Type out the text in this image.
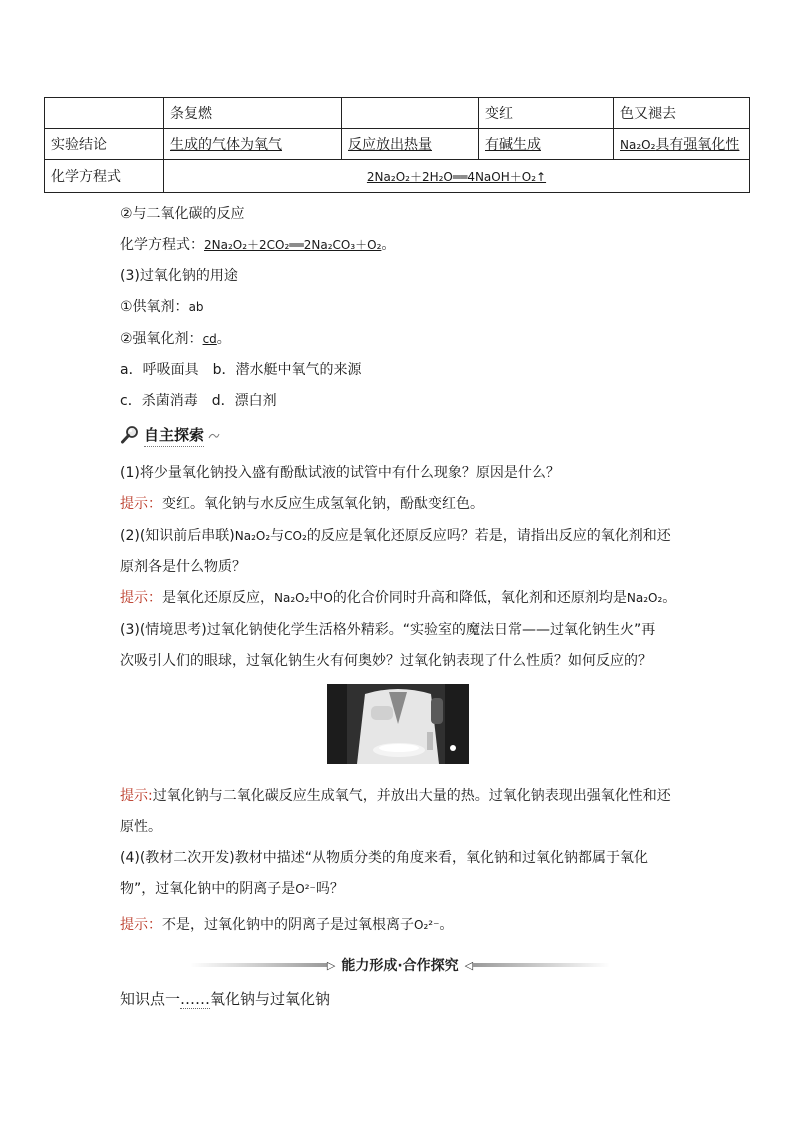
	条复燃		变红	色又褪去
实验结论	生成的气体为氧气	反应放出热量	有碱生成	Na₂O₂具有强氧化性
化学方程式	2Na₂O₂＋2H₂O══4NaOH＋O₂↑			
②与二氧化碳的反应
化学方程式：2Na₂O₂＋2CO₂══2Na₂CO₃＋O₂。
(3)过氧化钠的用途
①供氧剂：ab
②强氧化剂：cd。
a．呼吸面具　b．潜水艇中氧气的来源
c．杀菌消毒　d．漂白剂
自主探索
(1)将少量氧化钠投入盛有酚酞试液的试管中有什么现象？原因是什么？
提示：变红。氧化钠与水反应生成氢氧化钠，酚酞变红色。
(2)(知识前后串联)Na₂O₂与CO₂的反应是氧化还原反应吗？若是，请指出反应的氧化剂和还
原剂各是什么物质？
提示：是氧化还原反应，Na₂O₂中O的化合价同时升高和降低，氧化剂和还原剂均是Na₂O₂。
(3)(情境思考)过氧化钠使化学生活格外精彩。“实验室的魔法日常——过氧化钠生火”再
次吸引人们的眼球，过氧化钠生火有何奥妙？过氧化钠表现了什么性质？如何反应的？
提示:过氧化钠与二氧化碳反应生成氧气，并放出大量的热。过氧化钠表现出强氧化性和还
原性。
(4)(教材二次开发)教材中描述“从物质分类的角度来看，氧化钠和过氧化钠都属于氧化
物”，过氧化钠中的阴离子是O²⁻吗？
提示：不是，过氧化钠中的阴离子是过氧根离子O₂²⁻。
▷ 能力形成·合作探究 ◁
知识点一……氧化钠与过氧化钠
